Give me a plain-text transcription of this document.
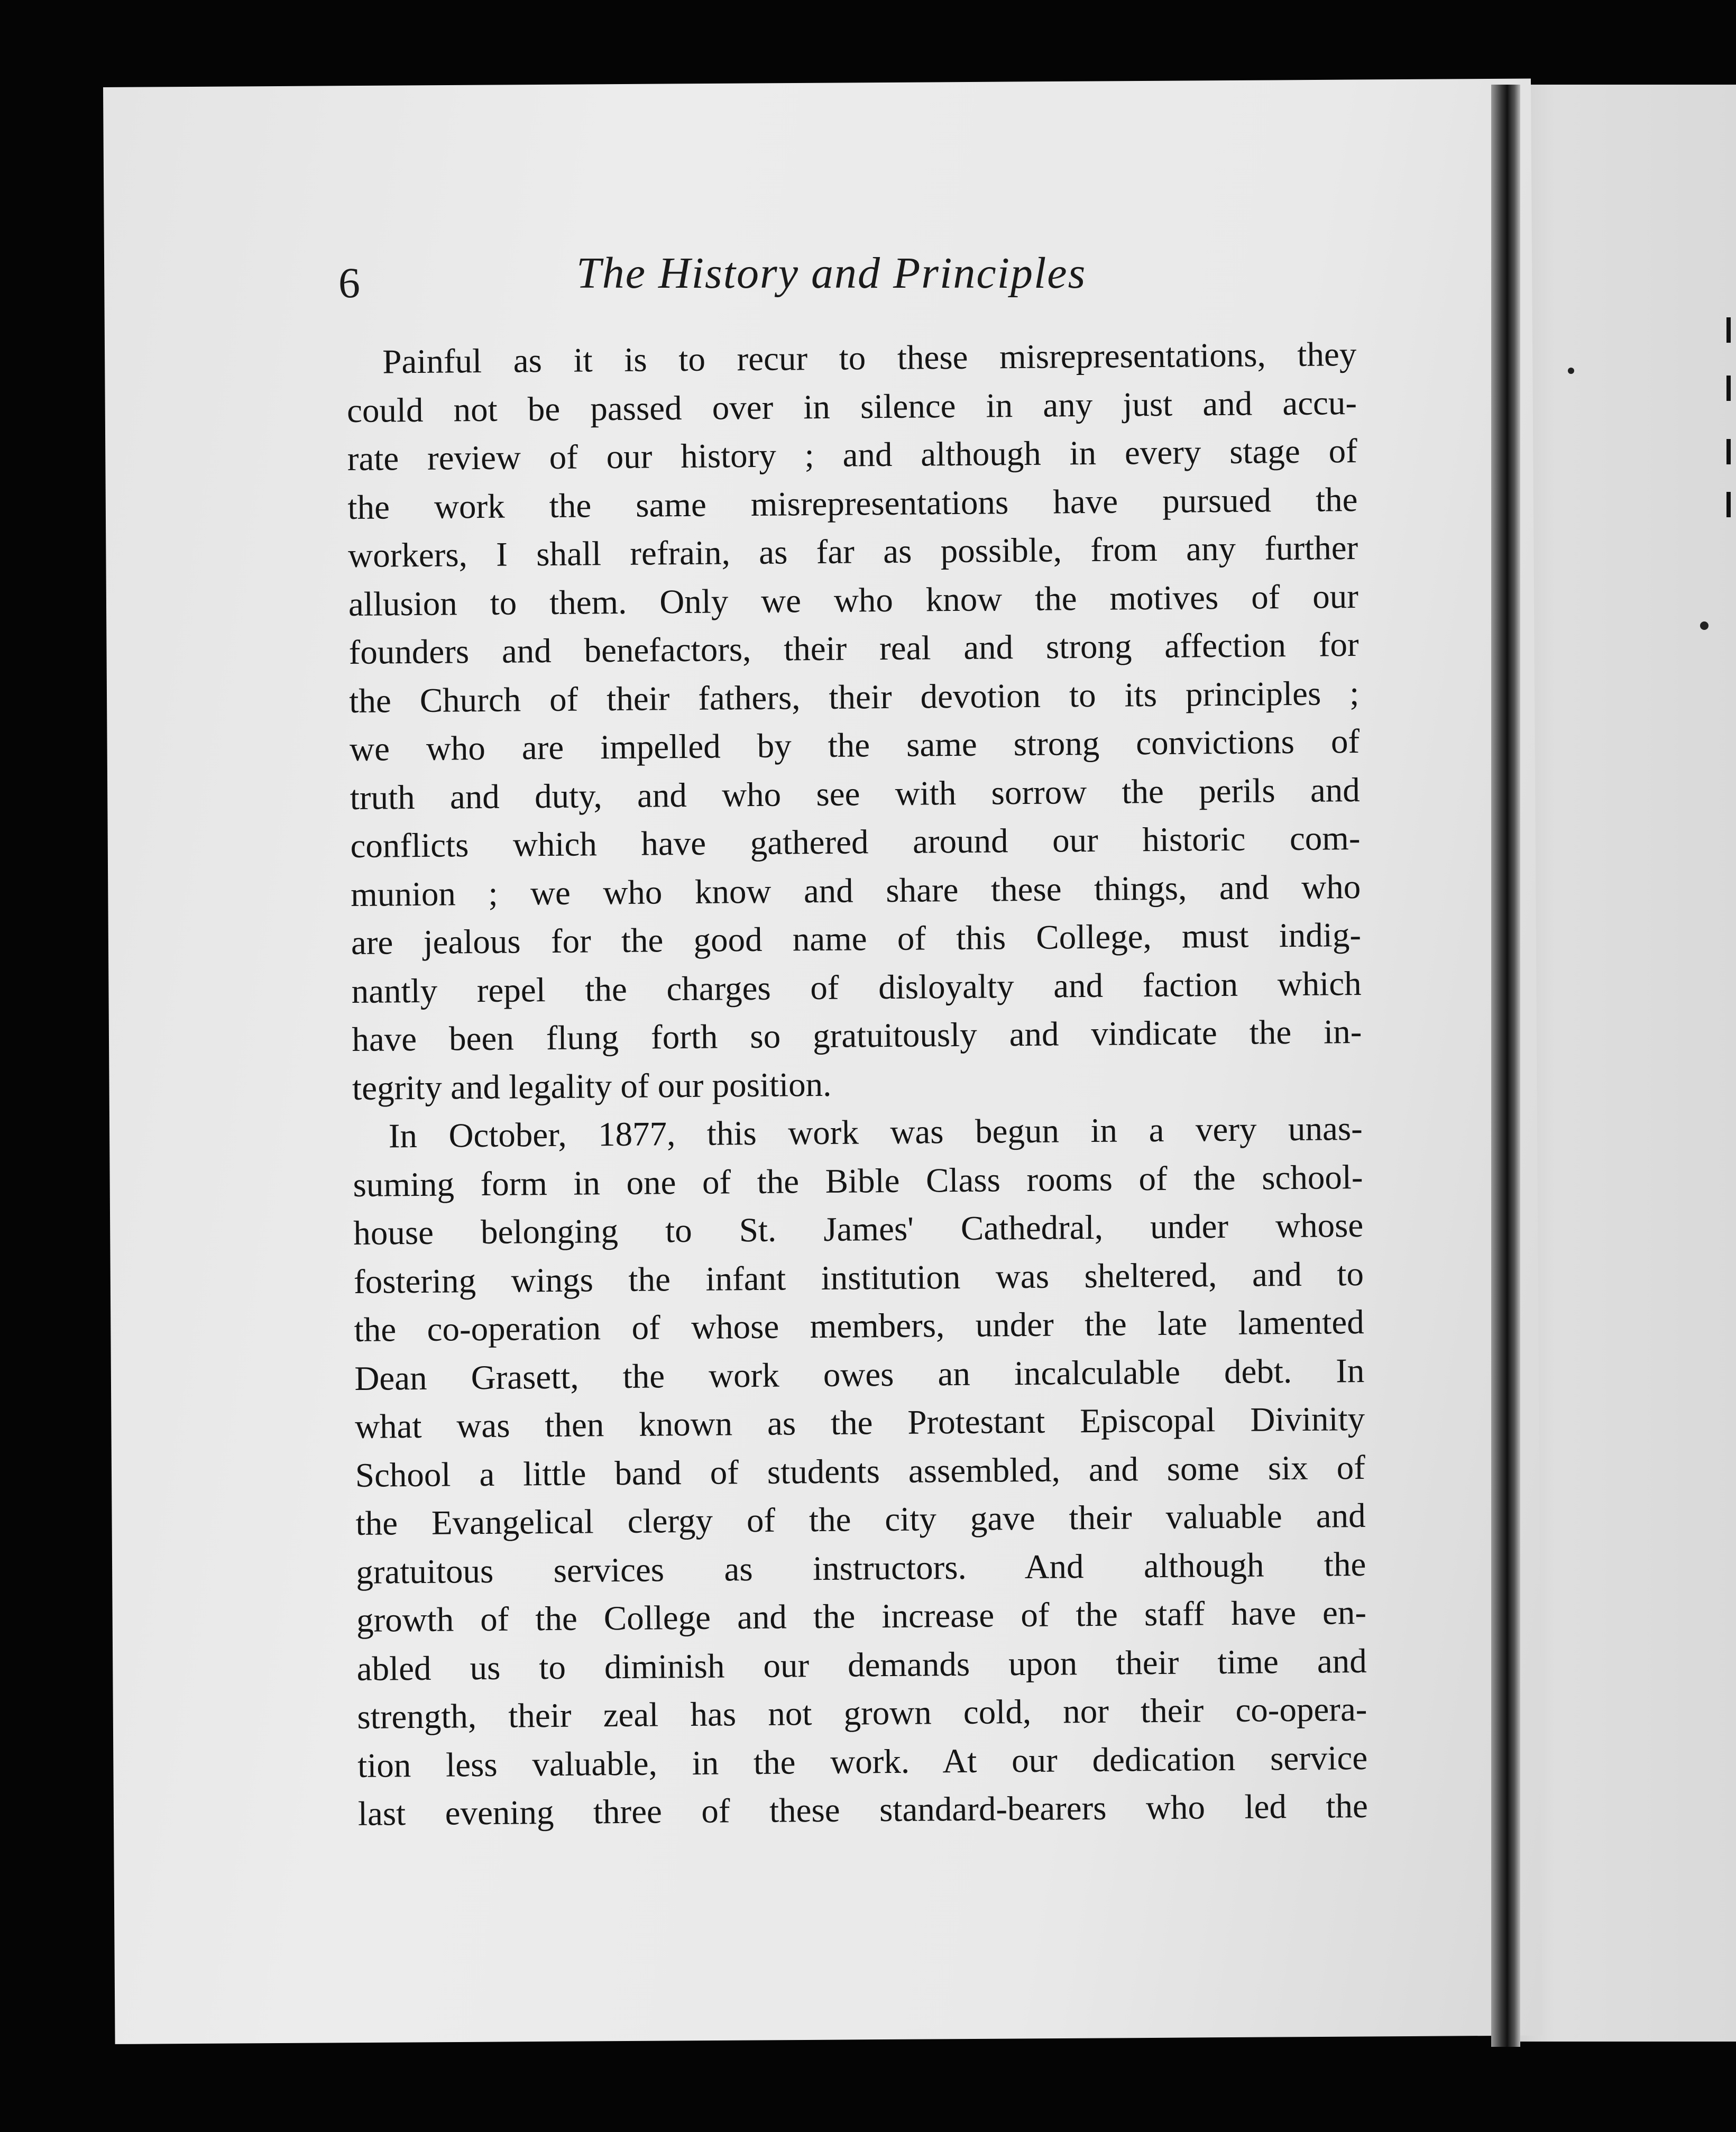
6	The History and Principles
Painful as it is to recur to these misrepresentations, they
could not be passed over in silence in any just and accu-
rate review of our history ; and although in every stage of
the work the same misrepresentations have pursued the
workers, I shall refrain, as far as possible, from any further
allusion to them. Only we who know the motives of our
founders and benefactors, their real and strong affection for
the Church of their fathers, their devotion to its principles ;
we who are impelled by the same strong convictions of
truth and duty, and who see with sorrow the perils and
conflicts which have gathered around our historic com-
munion ; we who know and share these things, and who
are jealous for the good name of this College, must indig-
nantly repel the charges of disloyalty and faction which
have been flung forth so gratuitously and vindicate the in-
tegrity and legality of our position.
In October, 1877, this work was begun in a very unas-
suming form in one of the Bible Class rooms of the school-
house belonging to St. James' Cathedral, under whose
fostering wings the infant institution was sheltered, and to
the co-operation of whose members, under the late lamented
Dean Grasett, the work owes an incalculable debt. In
what was then known as the Protestant Episcopal Divinity
School a little band of students assembled, and some six of
the Evangelical clergy of the city gave their valuable and
gratuitous services as instructors. And although the
growth of the College and the increase of the staff have en-
abled us to diminish our demands upon their time and
strength, their zeal has not grown cold, nor their co-opera-
tion less valuable, in the work. At our dedication service
last evening three of these standard-bearers who led the
